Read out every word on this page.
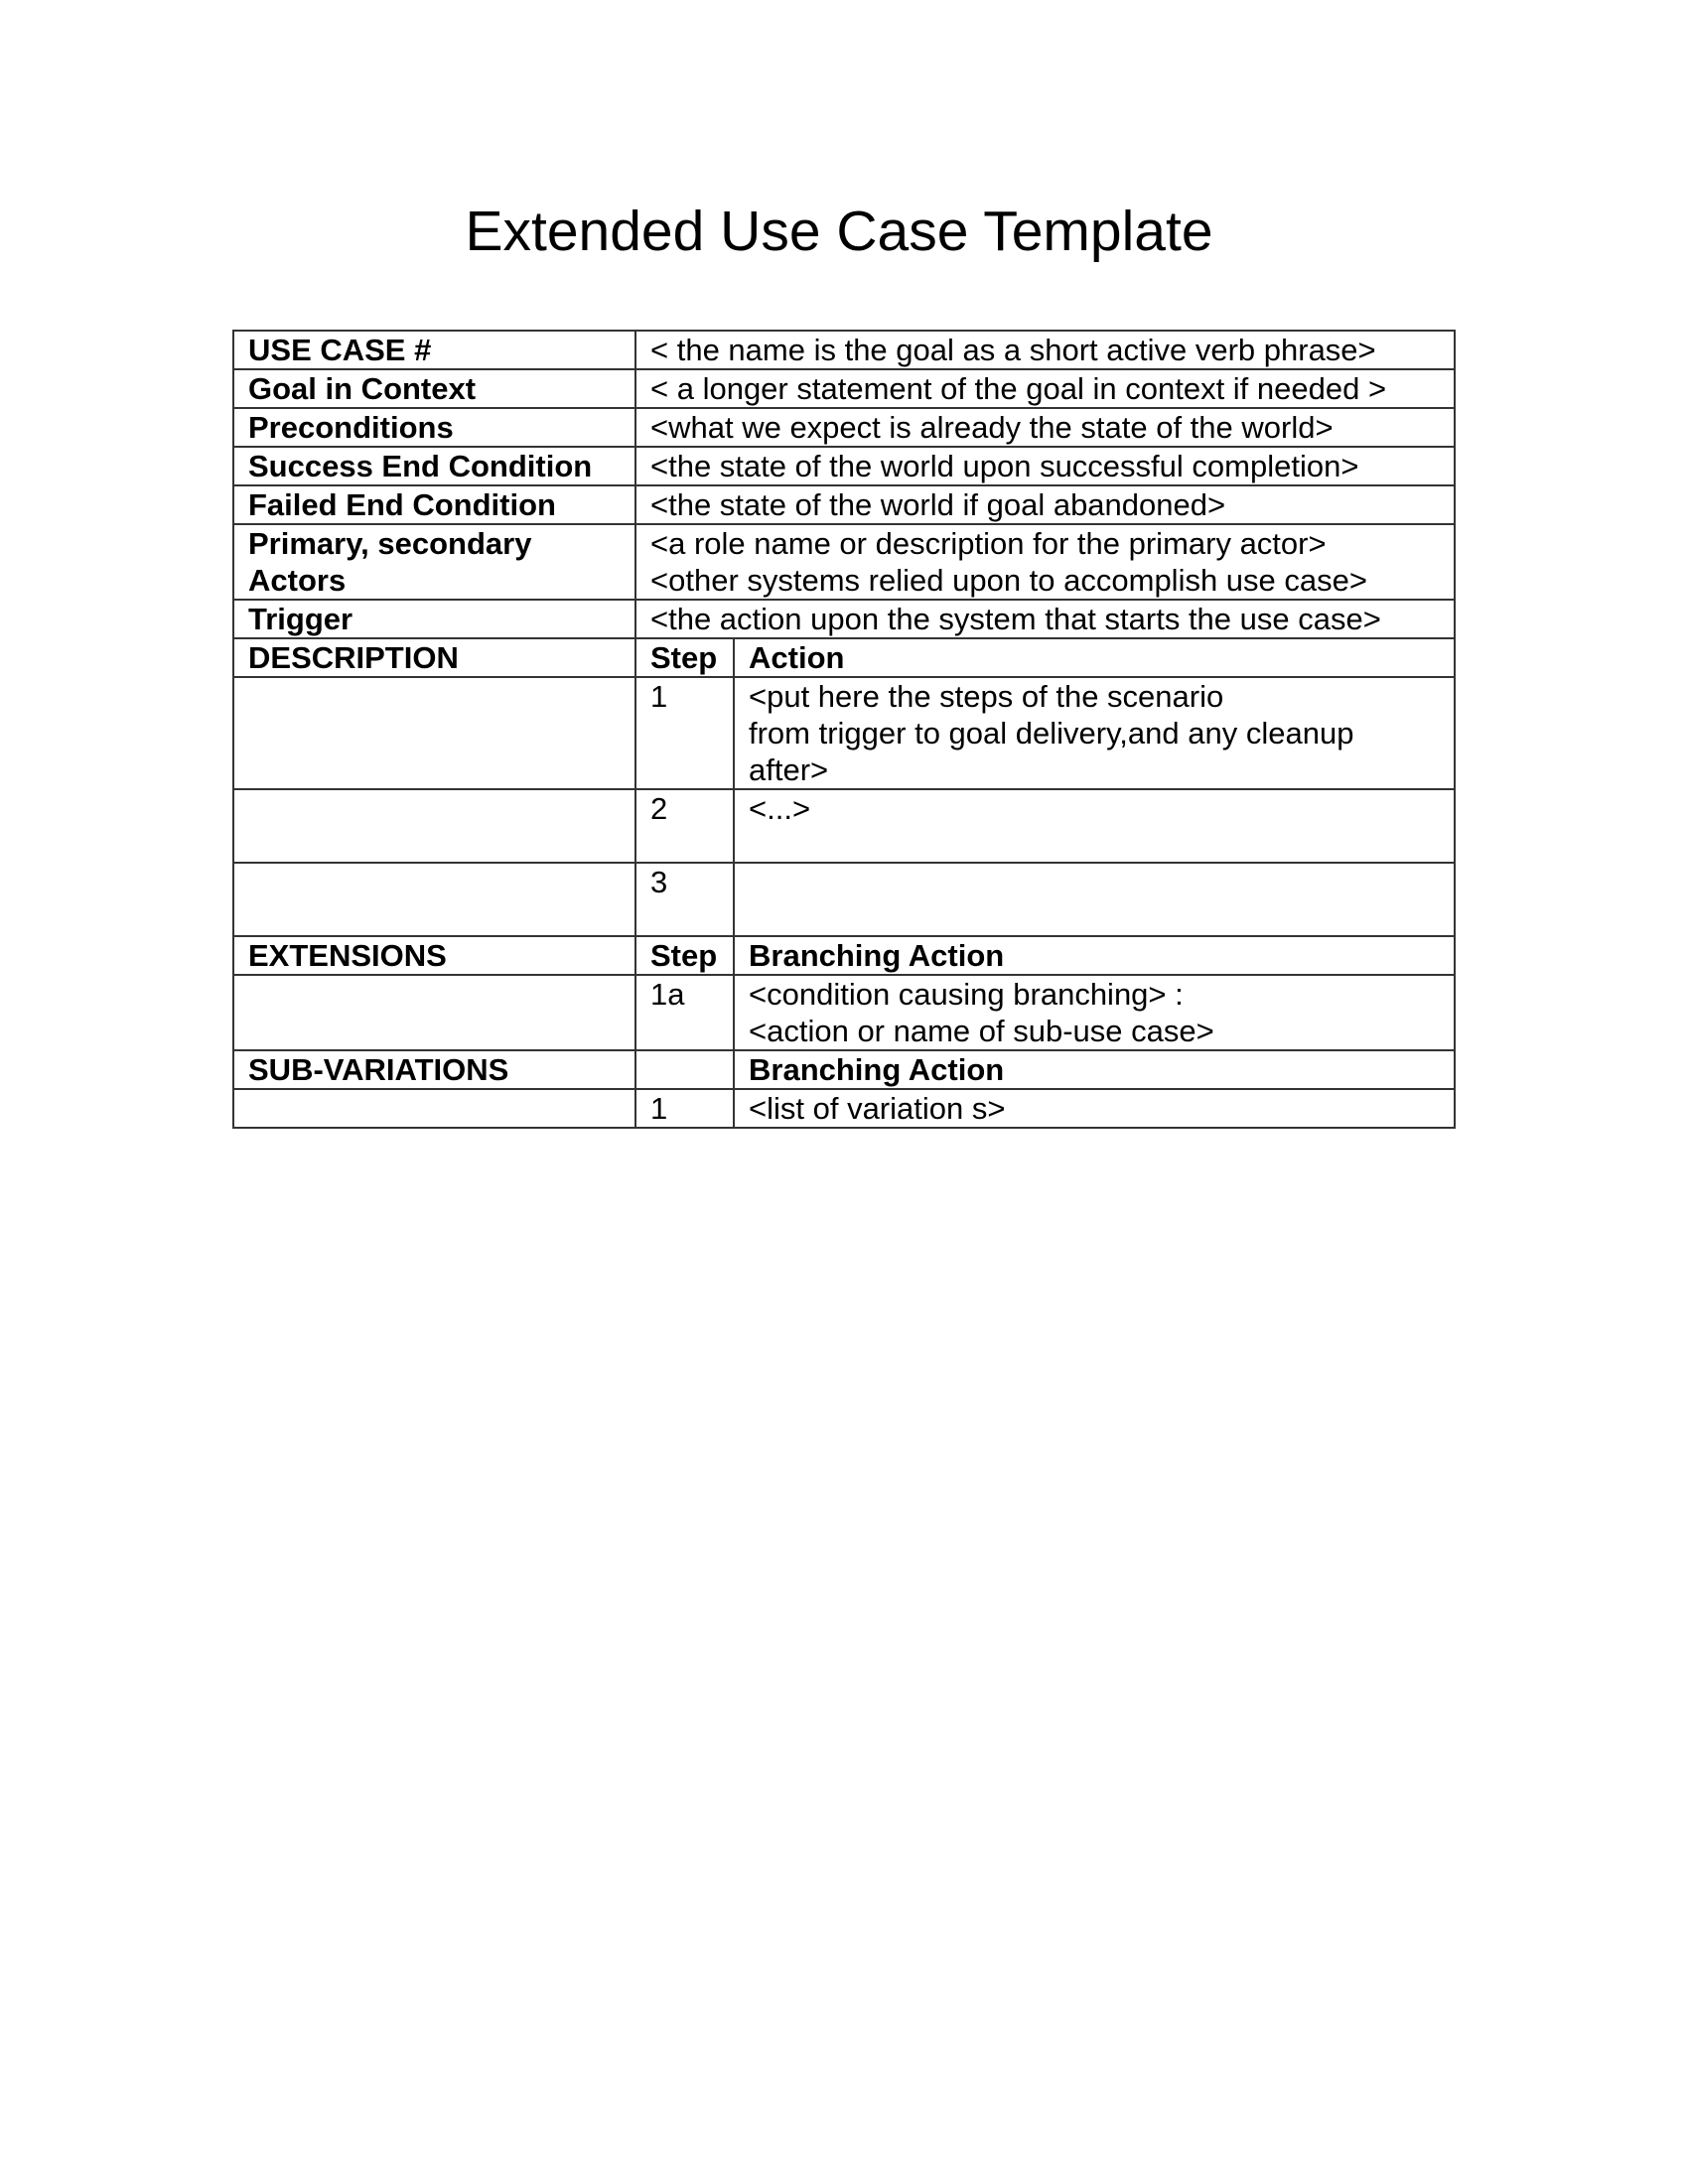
Extended Use Case Template
USE CASE #	< the name is the goal as a short active verb phrase>	
Goal in Context	< a longer statement of the goal in context if needed >	
Preconditions	<what we expect is already the state of the world>	
Success End Condition	<the state of the world upon successful completion>	
Failed End Condition	<the state of the world if goal abandoned>	

Primary, secondary
Actors	<a role name or description for the primary actor>
<other systems relied upon to accomplish use case>	

Trigger	<the action upon the system that starts the use case>	
DESCRIPTION	Step	Action
	1	<put here the steps of the scenario
from trigger to goal delivery,and any cleanup
after>

	2	<...>
	3	
EXTENSIONS	Step	Branching Action
	1a	<condition causing branching> :
<action or name of sub-use case>

SUB-VARIATIONS		Branching Action
	1	<list of variation s>
